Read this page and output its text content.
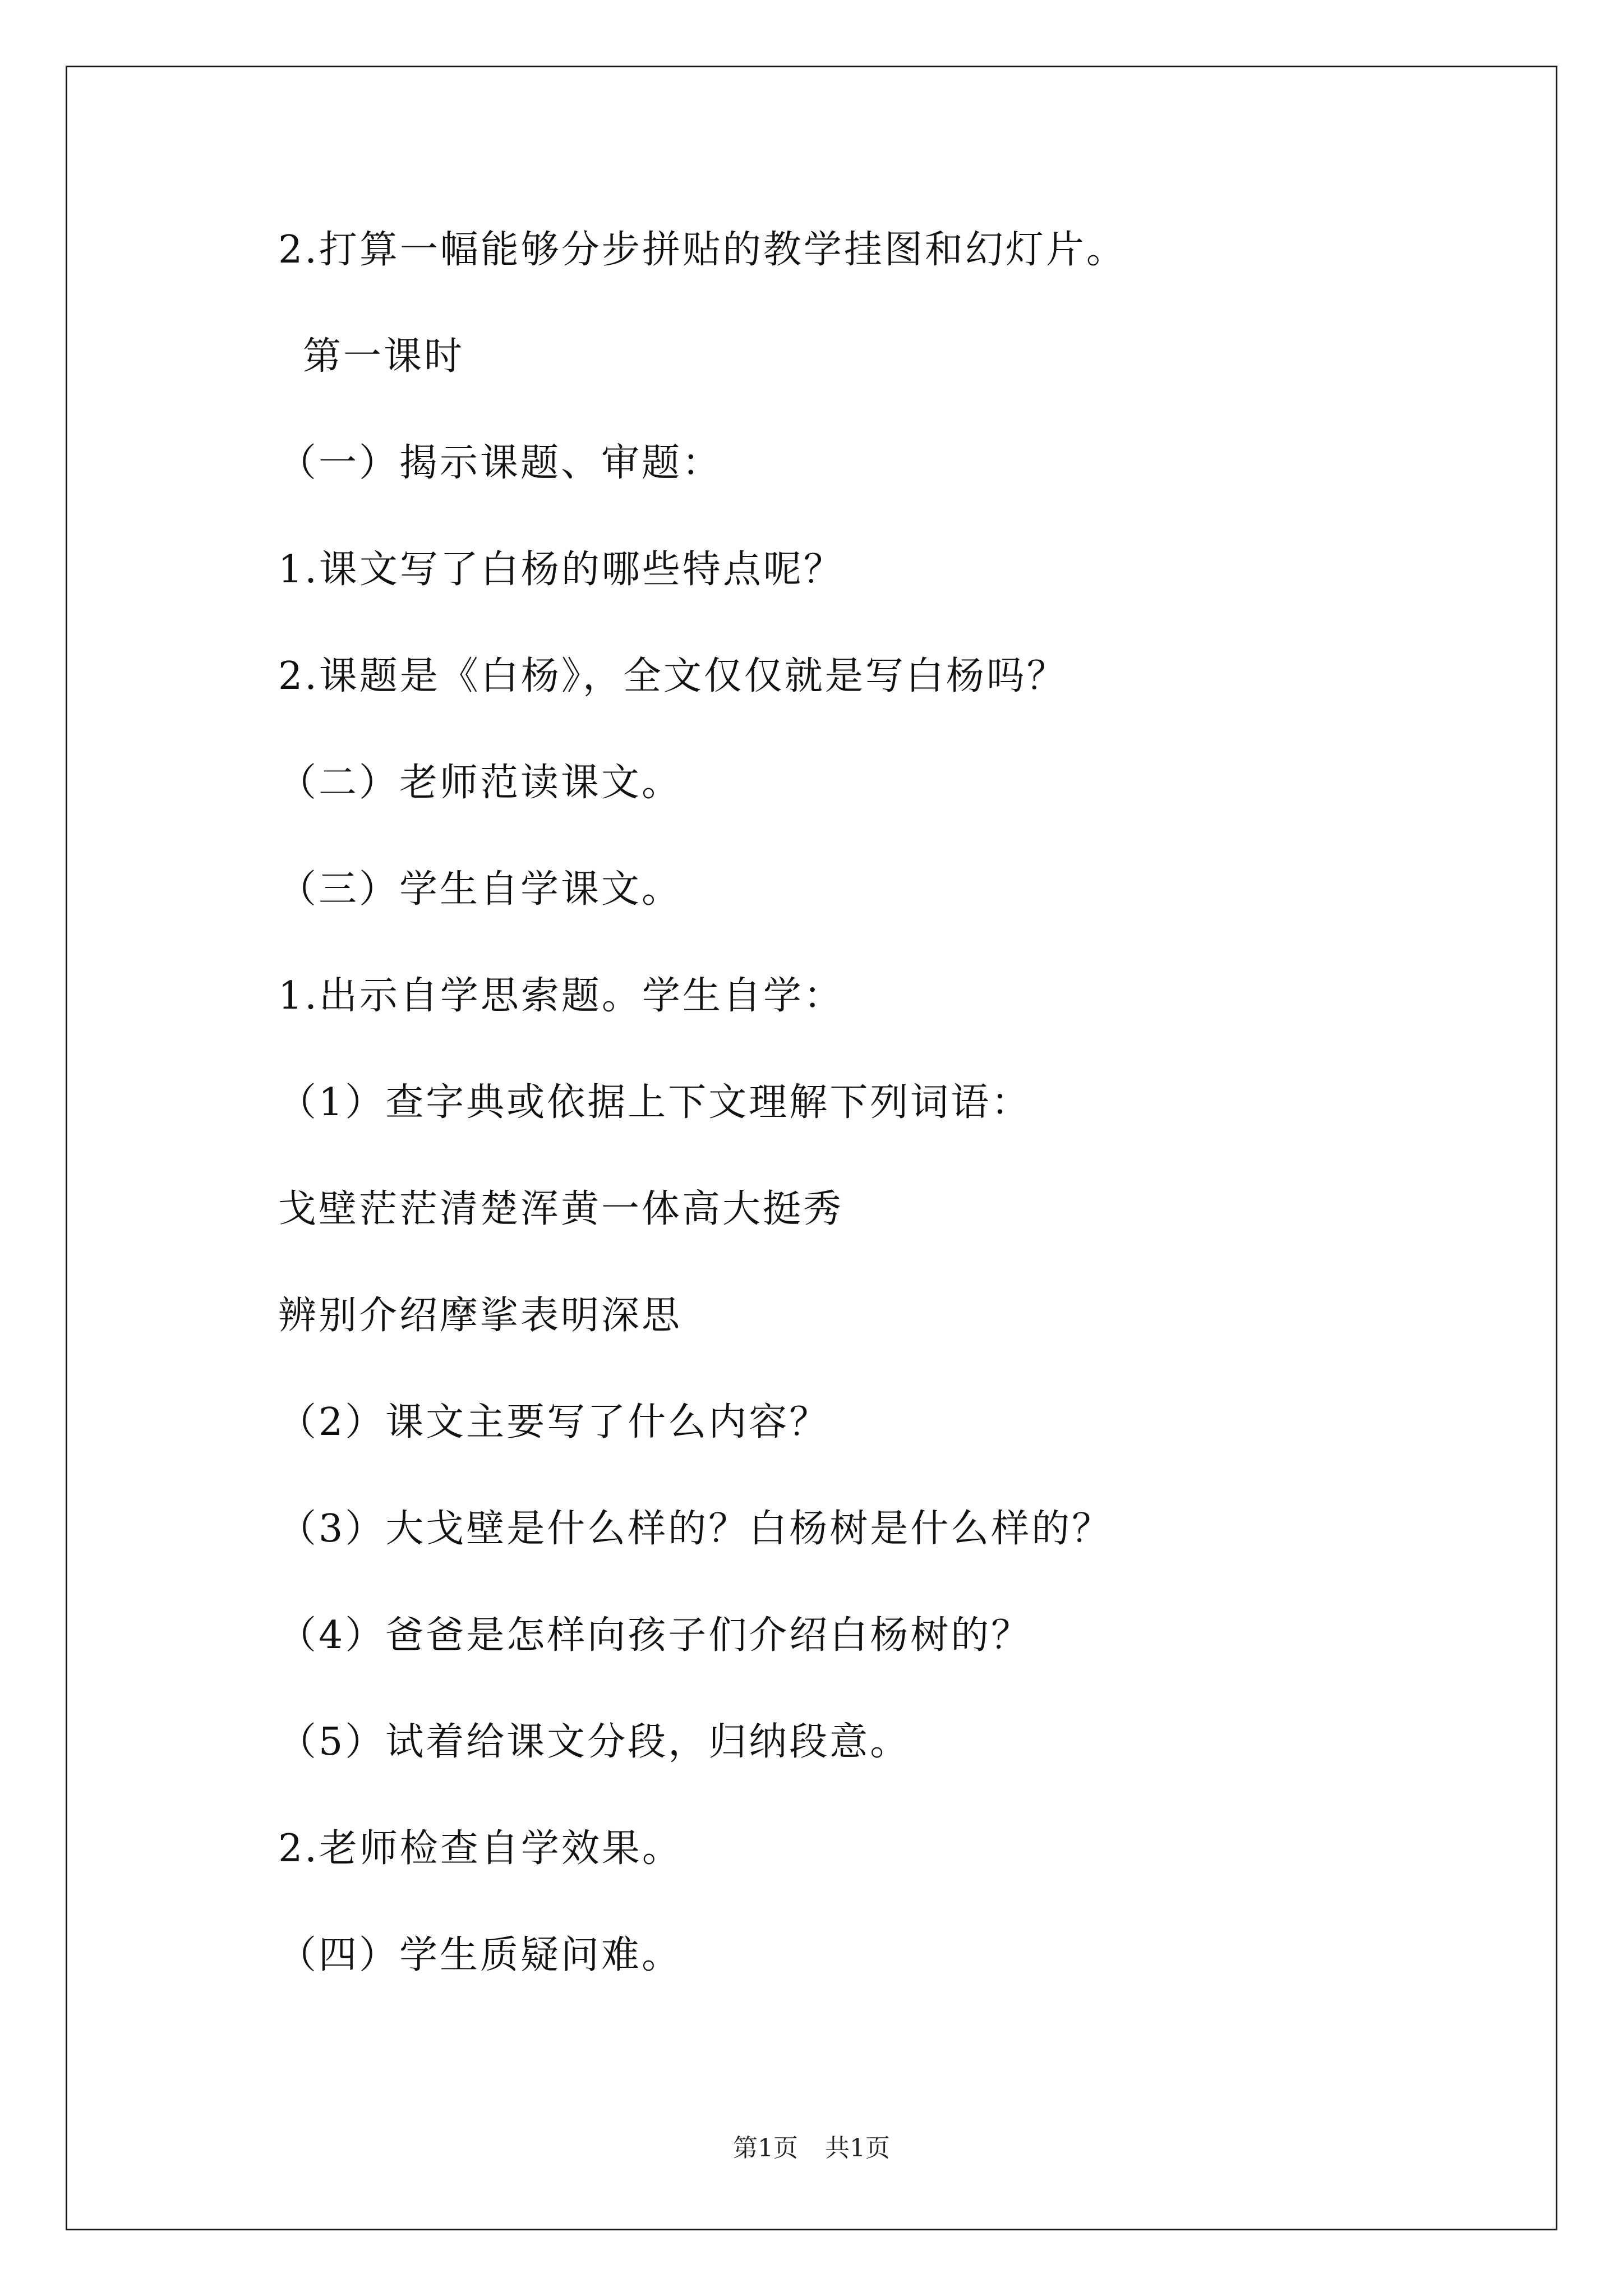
2.打算一幅能够分步拼贴的教学挂图和幻灯片。
第一课时
（一）揭示课题、审题：
1.课文写了白杨的哪些特点呢？
2.课题是《白杨》，全文仅仅就是写白杨吗？
（二）老师范读课文。
（三）学生自学课文。
1.出示自学思索题。学生自学：
（1）查字典或依据上下文理解下列词语：
戈壁茫茫清楚浑黄一体高大挺秀
辨别介绍摩挲表明深思
（2）课文主要写了什么内容？
（3）大戈壁是什么样的？白杨树是什么样的？
（4）爸爸是怎样向孩子们介绍白杨树的？
（5）试着给课文分段，归纳段意。
2.老师检查自学效果。
（四）学生质疑问难。
第1页 共1页
